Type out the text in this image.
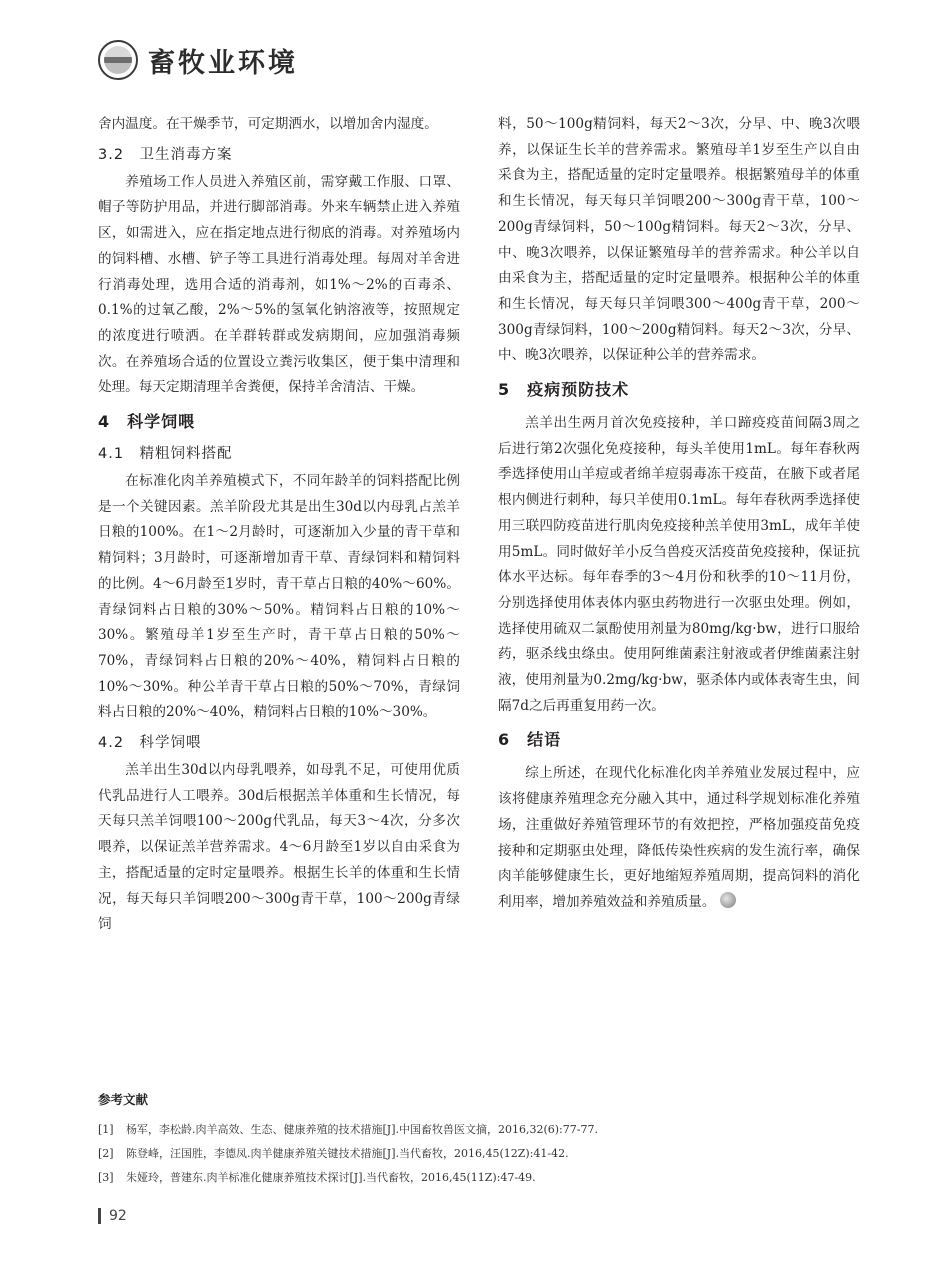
畜牧业环境

舍内温度。在干燥季节，可定期洒水，以增加舍内湿度。

3.2　卫生消毒方案

养殖场工作人员进入养殖区前，需穿戴工作服、口罩、帽子等防护用品，并进行脚部消毒。外来车辆禁止进入养殖区，如需进入，应在指定地点进行彻底的消毒。对养殖场内的饲料槽、水槽、铲子等工具进行消毒处理。每周对羊舍进行消毒处理，选用合适的消毒剂，如1%～2%的百毒杀、0.1%的过氧乙酸，2%～5%的氢氧化钠溶液等，按照规定的浓度进行喷洒。在羊群转群或发病期间，应加强消毒频次。在养殖场合适的位置设立粪污收集区，便于集中清理和处理。每天定期清理羊舍粪便，保持羊舍清洁、干燥。

4　科学饲喂
4.1　精粗饲料搭配

在标准化肉羊养殖模式下，不同年龄羊的饲料搭配比例是一个关键因素。羔羊阶段尤其是出生30d以内母乳占羔羊日粮的100%。在1～2月龄时，可逐渐加入少量的青干草和精饲料；3月龄时，可逐渐增加青干草、青绿饲料和精饲料的比例。4～6月龄至1岁时，青干草占日粮的40%～60%。青绿饲料占日粮的30%～50%。精饲料占日粮的10%～30%。繁殖母羊1岁至生产时，青干草占日粮的50%～70%，青绿饲料占日粮的20%～40%，精饲料占日粮的10%～30%。种公羊青干草占日粮的50%～70%，青绿饲料占日粮的20%～40%，精饲料占日粮的10%～30%。

4.2　科学饲喂

羔羊出生30d以内母乳喂养，如母乳不足，可使用优质代乳品进行人工喂养。30d后根据羔羊体重和生长情况，每天每只羔羊饲喂100～200g代乳品，每天3～4次，分多次喂养，以保证羔羊营养需求。4～6月龄至1岁以自由采食为主，搭配适量的定时定量喂养。根据生长羊的体重和生长情况，每天每只羊饲喂200～300g青干草，100～200g青绿饲

料，50～100g精饲料，每天2～3次，分早、中、晚3次喂养，以保证生长羊的营养需求。繁殖母羊1岁至生产以自由采食为主，搭配适量的定时定量喂养。根据繁殖母羊的体重和生长情况，每天每只羊饲喂200～300g青干草，100～200g青绿饲料，50～100g精饲料。每天2～3次，分早、中、晚3次喂养，以保证繁殖母羊的营养需求。种公羊以自由采食为主，搭配适量的定时定量喂养。根据种公羊的体重和生长情况，每天每只羊饲喂300～400g青干草，200～300g青绿饲料，100～200g精饲料。每天2～3次，分早、中、晚3次喂养，以保证种公羊的营养需求。

5　疫病预防技术

羔羊出生两月首次免疫接种，羊口蹄疫疫苗间隔3周之后进行第2次强化免疫接种，每头羊使用1mL。每年春秋两季选择使用山羊痘或者绵羊痘弱毒冻干疫苗，在腋下或者尾根内侧进行刺种，每只羊使用0.1mL。每年春秋两季选择使用三联四防疫苗进行肌肉免疫接种羔羊使用3mL，成年羊使用5mL。同时做好羊小反刍兽疫灭活疫苗免疫接种，保证抗体水平达标。每年春季的3～4月份和秋季的10～11月份，分别选择使用体表体内驱虫药物进行一次驱虫处理。例如，选择使用硫双二氯酚使用剂量为80mg/kg·bw，进行口服给药，驱杀线虫绦虫。使用阿维菌素注射液或者伊维菌素注射液，使用剂量为0.2mg/kg·bw，驱杀体内或体表寄生虫，间隔7d之后再重复用药一次。

6　结语

综上所述，在现代化标准化肉羊养殖业发展过程中，应该将健康养殖理念充分融入其中，通过科学规划标准化养殖场，注重做好养殖管理环节的有效把控，严格加强疫苗免疫接种和定期驱虫处理，降低传染性疾病的发生流行率，确保肉羊能够健康生长，更好地缩短养殖周期，提高饲料的消化利用率，增加养殖效益和养殖质量。

参考文献
[1] 杨军，李松龄.肉羊高效、生态、健康养殖的技术措施[J].中国畜牧兽医文摘，2016,32(6):77-77.
[2] 陈登峰，汪国胜，李德凤.肉羊健康养殖关键技术措施[J].当代畜牧，2016,45(12Z):41-42.
[3] 朱娅玲，普建东.肉羊标准化健康养殖技术探讨[J].当代畜牧，2016,45(11Z):47-49.
92
